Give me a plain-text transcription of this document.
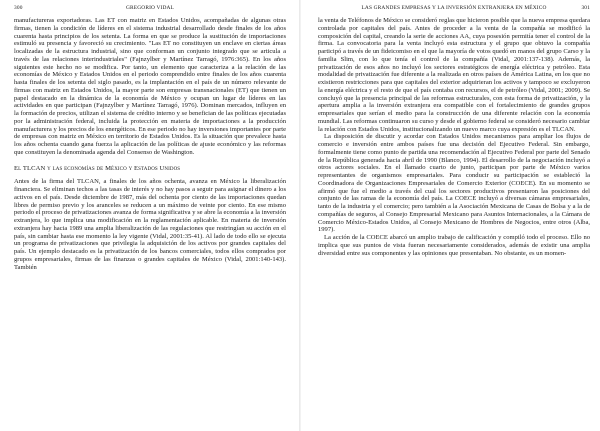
300	GREGORIO VIDAL

manufactureras exportadoras. Las ET con matriz en Estados Unidos, acompañadas de algunas otras firmas, tienen la condición de líderes en el sistema industrial desarrollado desde finales de los años cuarenta hasta principios de los setenta. La forma en que se produce la sustitución de importaciones estimuló su presencia y favoreció su crecimiento. "Las ET no constituyen un enclave en ciertas áreas localizadas de la estructura industrial, sino que conforman un conjunto integrado que se articula a través de las relaciones interindustriales" (Fajnzylber y Martínez Tarragó, 1976:365). En los años siguientes este hecho no se modifica. Por tanto, un elemento que caracteriza a la relación de las economías de México y Estados Unidos en el periodo comprendido entre finales de los años cuarenta hasta finales de los setenta del siglo pasado, es la implantación en el país de un número relevante de firmas con matriz en Estados Unidos, la mayor parte son empresas transnacionales (ET) que tienen un papel destacado en la dinámica de la economía de México y ocupan un lugar de líderes en las actividades en que participan (Fajnzylber y Martínez Tarragó, 1976). Dominan mercados, influyen en la formación de precios, utilizan el sistema de crédito interno y se benefician de las políticas ejecutadas por la administración federal, incluida la protección en materia de importaciones a la producción manufacturera y los precios de los energéticos. En ese periodo no hay inversiones importantes por parte de empresas con matriz en México en territorio de Estados Unidos. Es la situación que prevalece hasta los años ochenta cuando gana fuerza la aplicación de las políticas de ajuste económico y las reformas que constituyen la denominada agenda del Consenso de Washington.

El TLCAN y las economías de México y Estados Unidos

Antes de la firma del TLCAN, a finales de los años ochenta, avanza en México la liberalización financiera. Se eliminan techos a las tasas de interés y no hay pasos a seguir para asignar el dinero a los activos en el país. Desde diciembre de 1987, más del ochenta por ciento de las importaciones quedan libres de permiso previo y los aranceles se reducen a un máximo de veinte por ciento. En ese mismo periodo el proceso de privatizaciones avanza de forma significativa y se abre la economía a la inversión extranjera, lo que implica una modificación en la reglamentación aplicable. En materia de inversión extranjera hay hacia 1989 una amplia liberalización de las regulaciones que restringían su acción en el país, sin cambiar hasta ese momento la ley vigente (Vidal, 2001:35-41). Al lado de todo ello se ejecuta un programa de privatizaciones que privilegia la adquisición de los activos por grandes capitales del país. Un ejemplo destacado es la privatización de los bancos comerciales, todos ellos comprados por grupos empresariales, firmas de las finanzas o grandes capitales de México (Vidal, 2001:140-143). También

LAS GRANDES EMPRESAS Y LA INVERSIÓN EXTRANJERA EN MÉXICO	301

la venta de Teléfonos de México se consideró reglas que hicieron posible que la nueva empresa quedara controlada por capitales del país. Antes de proceder a la venta de la compañía se modificó la composición del capital, creando la serie de acciones AA, cuya posesión permitía tener el control de la firma. La convocatoria para la venta incluyó esta estructura y el grupo que obtuvo la compañía participó a través de un fideicomiso en el que la mayoría de votos quedó en manos del grupo Carso y la familia Slim, con lo que tenía el control de la compañía (Vidal, 2001:137-138). Además, la privatización de esos años no incluyó los sectores estratégicos de energía eléctrica y petróleo. Esta modalidad de privatización fue diferente a la realizada en otros países de América Latina, en los que no existieron restricciones para que capitales del exterior adquirieran los activos y tampoco se excluyeron la energía eléctrica y el resto de que el país contaba con recursos, el de petróleo (Vidal, 2001; 2009). Se concluyó que la presencia principal de las reformas estructurales, con esta forma de privatización, y la apertura amplia a la inversión extranjera era compatible con el fortalecimiento de grandes grupos empresariales que serían el medio para la construcción de una diferente relación con la economía mundial. Las reformas continuaron su curso y desde el gobierno federal se consideró necesario cambiar la relación con Estados Unidos, institucionalizando un nuevo marco cuya expresión es el TLCAN.

La disposición de discutir y acordar con Estados Unidos mecanismos para ampliar los flujos de comercio e inversión entre ambos países fue una decisión del Ejecutivo Federal. Sin embargo, formalmente tiene como punto de partida una recomendación al Ejecutivo Federal por parte del Senado de la República generada hacia abril de 1990 (Blanco, 1994). El desarrollo de la negociación incluyó a otros actores sociales. En el llamado cuarto de junto, participan por parte de México varios representantes de organismos empresariales. Para conducir su participación se estableció la Coordinadora de Organizaciones Empresariales de Comercio Exterior (COECE). En su momento se afirmó que fue el medio a través del cual los sectores productivos presentaron las posiciones del conjunto de las ramas de la economía del país. La COECE incluyó a diversas cámaras empresariales, tanto de la industria y el comercio; pero también a la Asociación Mexicana de Casas de Bolsa y a la de compañías de seguros, al Consejo Empresarial Mexicano para Asuntos Internacionales, a la Cámara de Comercio México-Estados Unidos, al Consejo Mexicano de Hombres de Negocios, entre otros (Alba, 1997).

La acción de la COECE abarcó un amplio trabajo de calificación y compiló todo el proceso. Ello no implica que sus puntos de vista fueran necesariamente considerados, además de existir una amplia diversidad entre sus componentes y las opiniones que presentaban. No obstante, es un momen-
